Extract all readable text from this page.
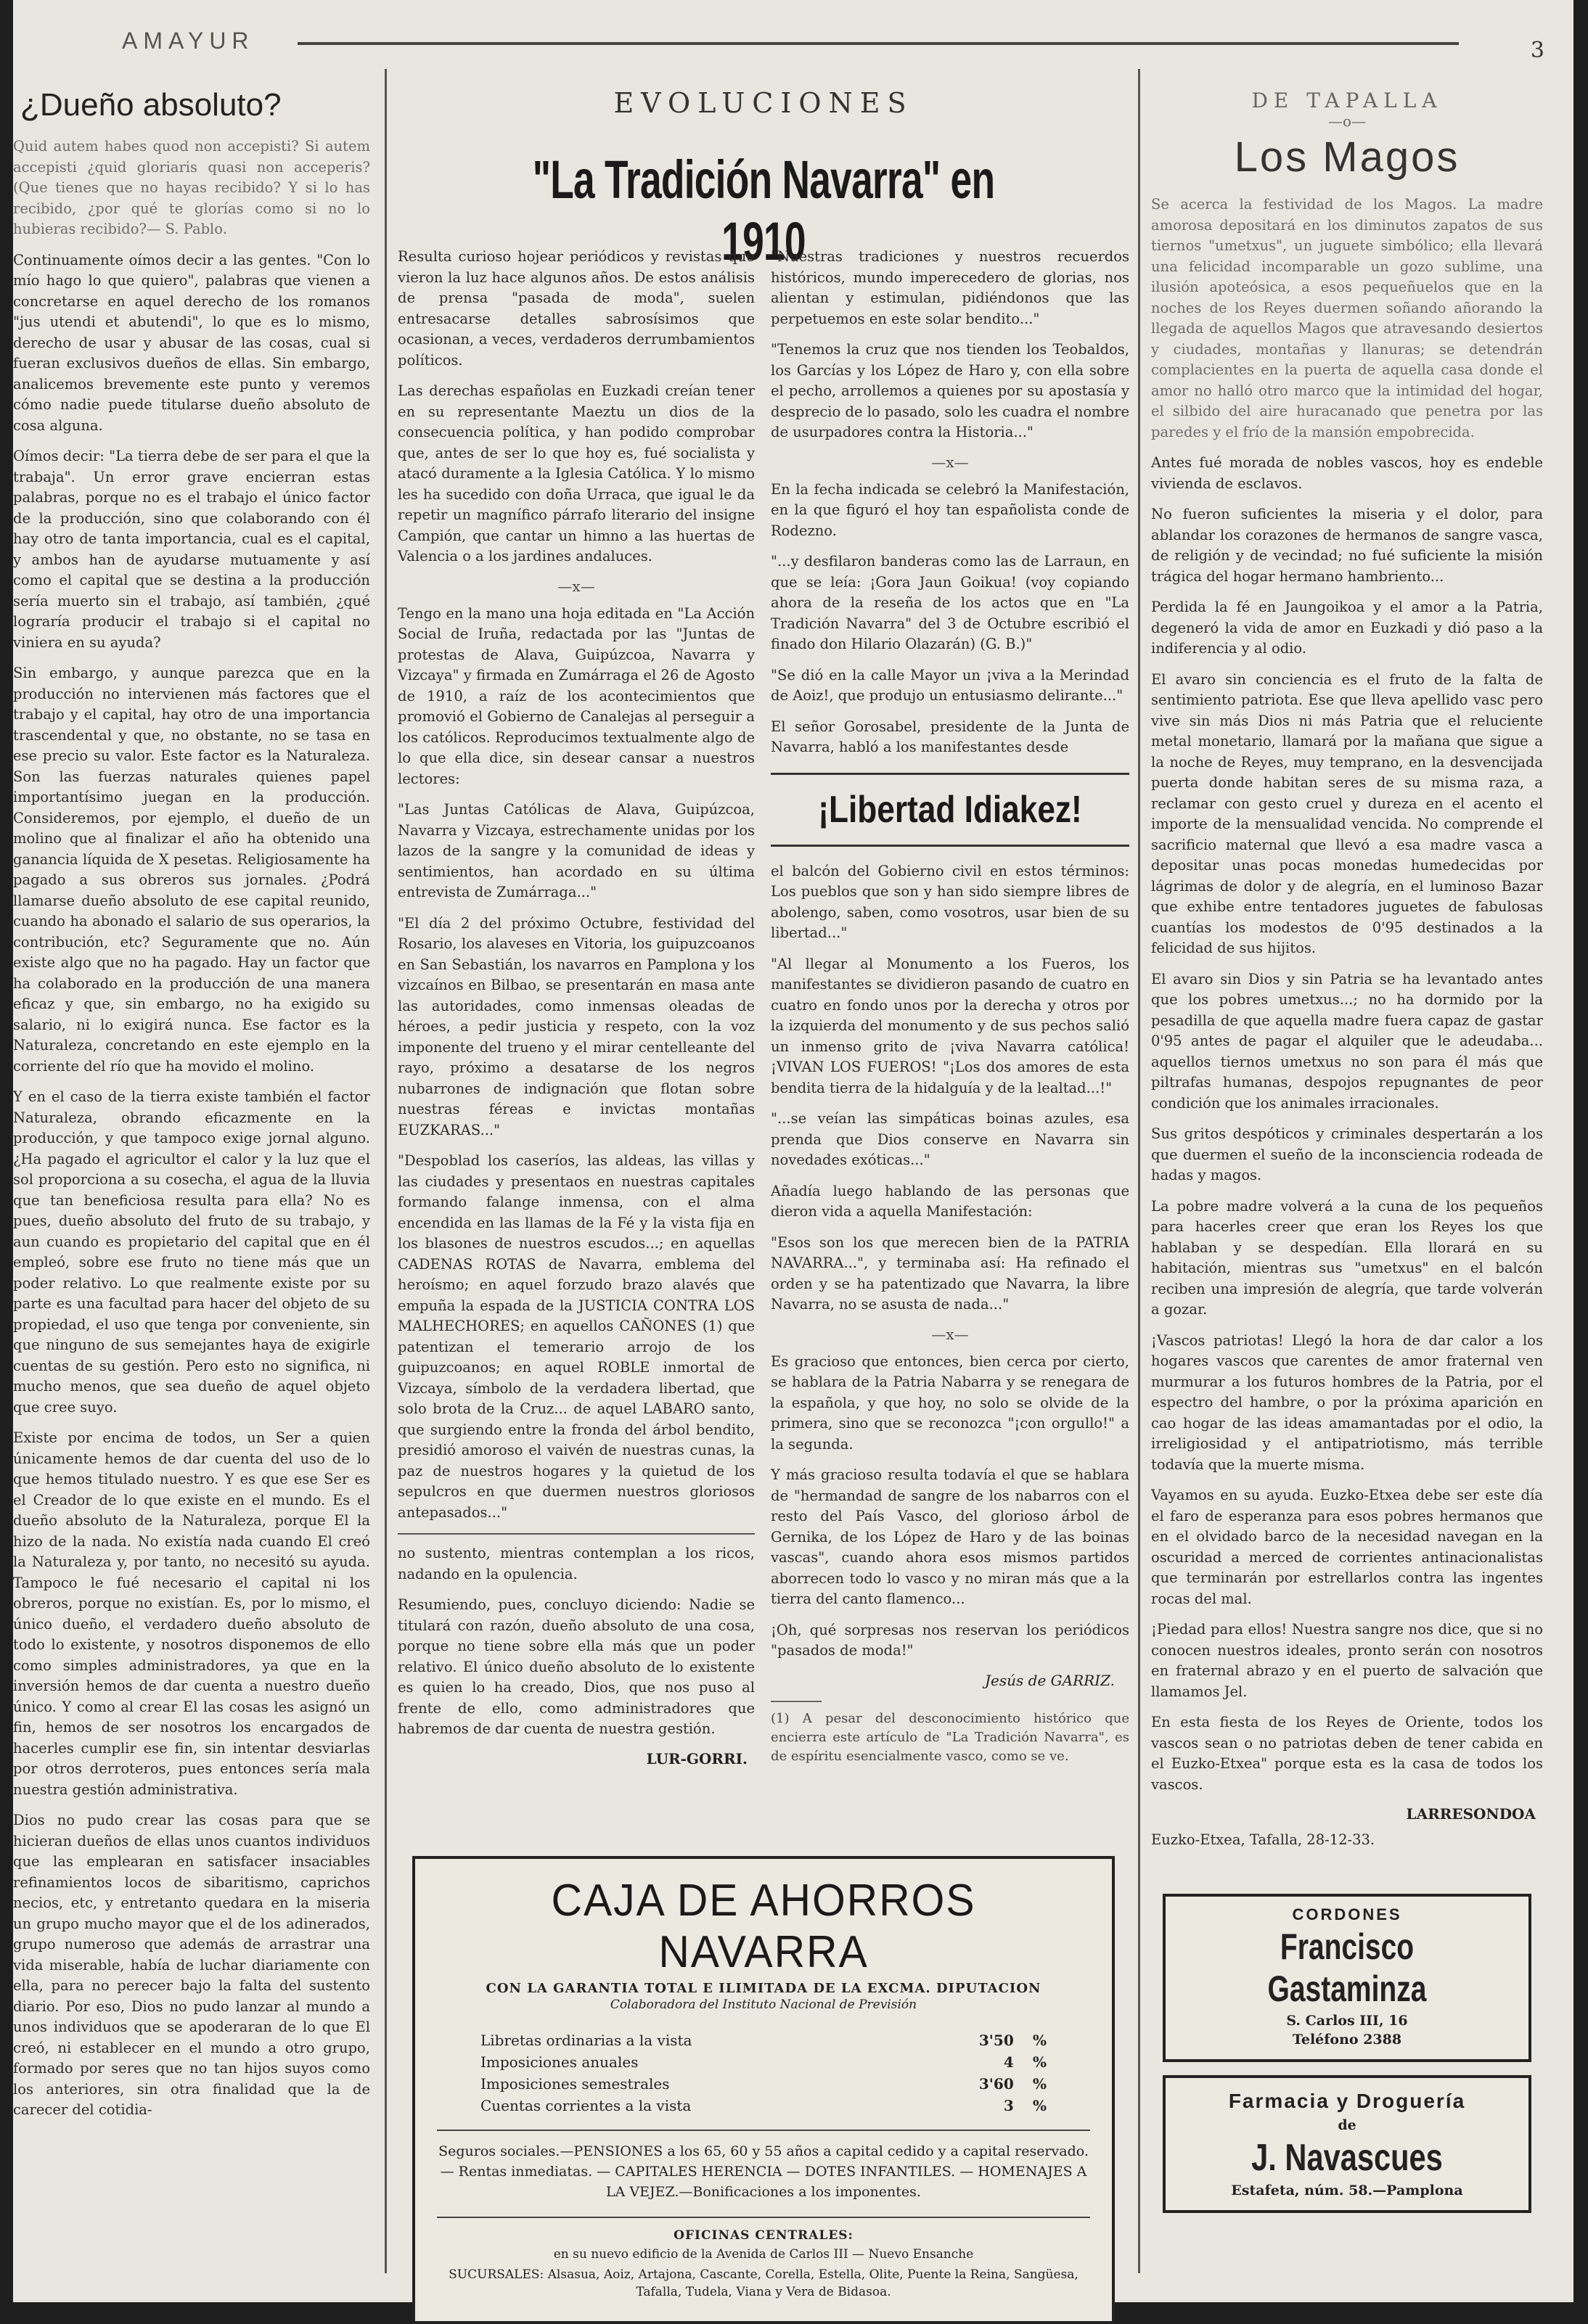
AMAYUR	3
¿Dueño absoluto?

Quid autem habes quod non accepisti? Si autem accepisti ¿quid gloriaris quasi non acceperis? (Que tienes que no hayas recibido? Y si lo has recibido, ¿por qué te glorías como si no lo hubieras recibido?— S. Pablo.

Continuamente oímos decir a las gentes. "Con lo mío hago lo que quiero", palabras que vienen a concretarse en aquel derecho de los romanos "jus utendi et abutendi", lo que es lo mismo, derecho de usar y abusar de las cosas, cual si fueran exclusivos dueños de ellas. Sin embargo, analicemos brevemente este punto y veremos cómo nadie puede titularse dueño absoluto de cosa alguna.

Oímos decir: "La tierra debe de ser para el que la trabaja". Un error grave encierran estas palabras, porque no es el trabajo el único factor de la producción, sino que colaborando con él hay otro de tanta importancia, cual es el capital, y ambos han de ayudarse mutuamente y así como el capital que se destina a la producción sería muerto sin el trabajo, así también, ¿qué lograría producir el trabajo si el capital no viniera en su ayuda?

Sin embargo, y aunque parezca que en la producción no intervienen más factores que el trabajo y el capital, hay otro de una importancia trascendental y que, no obstante, no se tasa en ese precio su valor. Este factor es la Naturaleza. Son las fuerzas naturales quienes papel importantísimo juegan en la producción. Consideremos, por ejemplo, el dueño de un molino que al finalizar el año ha obtenido una ganancia líquida de X pesetas. Religiosamente ha pagado a sus obreros sus jornales. ¿Podrá llamarse dueño absoluto de ese capital reunido, cuando ha abonado el salario de sus operarios, la contribución, etc? Seguramente que no. Aún existe algo que no ha pagado. Hay un factor que ha colaborado en la producción de una manera eficaz y que, sin embargo, no ha exigido su salario, ni lo exigirá nunca. Ese factor es la Naturaleza, concretando en este ejemplo en la corriente del río que ha movido el molino.

Y en el caso de la tierra existe también el factor Naturaleza, obrando eficazmente en la producción, y que tampoco exige jornal alguno. ¿Ha pagado el agricultor el calor y la luz que el sol proporciona a su cosecha, el agua de la lluvia que tan beneficiosa resulta para ella? No es pues, dueño absoluto del fruto de su trabajo, y aun cuando es propietario del capital que en él empleó, sobre ese fruto no tiene más que un poder relativo. Lo que realmente existe por su parte es una facultad para hacer del objeto de su propiedad, el uso que tenga por conveniente, sin que ninguno de sus semejantes haya de exigirle cuentas de su gestión. Pero esto no significa, ni mucho menos, que sea dueño de aquel objeto que cree suyo.

Existe por encima de todos, un Ser a quien únicamente hemos de dar cuenta del uso de lo que hemos titulado nuestro. Y es que ese Ser es el Creador de lo que existe en el mundo. Es el dueño absoluto de la Naturaleza, porque El la hizo de la nada. No existía nada cuando El creó la Naturaleza y, por tanto, no necesitó su ayuda. Tampoco le fué necesario el capital ni los obreros, porque no existían. Es, por lo mismo, el único dueño, el verdadero dueño absoluto de todo lo existente, y nosotros disponemos de ello como simples administradores, ya que en la inversión hemos de dar cuenta a nuestro dueño único. Y como al crear El las cosas les asignó un fin, hemos de ser nosotros los encargados de hacerles cumplir ese fin, sin intentar desviarlas por otros derroteros, pues entonces sería mala nuestra gestión administrativa.

Dios no pudo crear las cosas para que se hicieran dueños de ellas unos cuantos individuos que las emplearan en satisfacer insaciables refinamientos locos de sibaritismo, caprichos necios, etc, y entretanto quedara en la miseria un grupo mucho mayor que el de los adinerados, grupo numeroso que además de arrastrar una vida miserable, había de luchar diariamente con ella, para no perecer bajo la falta del sustento diario. Por eso, Dios no pudo lanzar al mundo a unos individuos que se apoderaran de lo que El creó, ni establecer en el mundo a otro grupo, formado por seres que no tan hijos suyos como los anteriores, sin otra finalidad que la de carecer del cotidia-

EVOLUCIONES
"La Tradición Navarra" en 1910

Resulta curioso hojear periódicos y revistas que vieron la luz hace algunos años. De estos análisis de prensa "pasada de moda", suelen entresacarse detalles sabrosísimos que ocasionan, a veces, verdaderos derrumbamientos políticos.

Las derechas españolas en Euzkadi creían tener en su representante Maeztu un dios de la consecuencia política, y han podido comprobar que, antes de ser lo que hoy es, fué socialista y atacó duramente a la Iglesia Católica. Y lo mismo les ha sucedido con doña Urraca, que igual le da repetir un magnífico párrafo literario del insigne Campión, que cantar un himno a las huertas de Valencia o a los jardines andaluces.

—x—

Tengo en la mano una hoja editada en "La Acción Social de Iruña, redactada por las "Juntas de protestas de Alava, Guipúzcoa, Navarra y Vizcaya" y firmada en Zumárraga el 26 de Agosto de 1910, a raíz de los acontecimientos que promovió el Gobierno de Canalejas al perseguir a los católicos. Reproducimos textualmente algo de lo que ella dice, sin desear cansar a nuestros lectores:

"Las Juntas Católicas de Alava, Guipúzcoa, Navarra y Vizcaya, estrechamente unidas por los lazos de la sangre y la comunidad de ideas y sentimientos, han acordado en su última entrevista de Zumárraga..."

"El día 2 del próximo Octubre, festividad del Rosario, los alaveses en Vitoria, los guipuzcoanos en San Sebastián, los navarros en Pamplona y los vizcaínos en Bilbao, se presentarán en masa ante las autoridades, como inmensas oleadas de héroes, a pedir justicia y respeto, con la voz imponente del trueno y el mirar centelleante del rayo, próximo a desatarse de los negros nubarrones de indignación que flotan sobre nuestras féreas e invictas montañas EUZKARAS..."

"Despoblad los caseríos, las aldeas, las villas y las ciudades y presentaos en nuestras capitales formando falange inmensa, con el alma encendida en las llamas de la Fé y la vista fija en los blasones de nuestros escudos...; en aquellas CADENAS ROTAS de Navarra, emblema del heroísmo; en aquel forzudo brazo alavés que empuña la espada de la JUSTICIA CONTRA LOS MALHECHORES; en aquellos CAÑONES (1) que patentizan el temerario arrojo de los guipuzcoanos; en aquel ROBLE inmortal de Vizcaya, símbolo de la verdadera libertad, que solo brota de la Cruz... de aquel LABARO santo, que surgiendo entre la fronda del árbol bendito, presidió amoroso el vaivén de nuestras cunas, la paz de nuestros hogares y la quietud de los sepulcros en que duermen nuestros gloriosos antepasados..."

no sustento, mientras contemplan a los ricos, nadando en la opulencia.

Resumiendo, pues, concluyo diciendo: Nadie se titulará con razón, dueño absoluto de una cosa, porque no tiene sobre ella más que un poder relativo. El único dueño absoluto de lo existente es quien lo ha creado, Dios, que nos puso al frente de ello, como administradores que habremos de dar cuenta de nuestra gestión.

LUR-GORRI.

"Nuestras tradiciones y nuestros recuerdos históricos, mundo imperecedero de glorias, nos alientan y estimulan, pidiéndonos que las perpetuemos en este solar bendito..."

"Tenemos la cruz que nos tienden los Teobaldos, los Garcías y los López de Haro y, con ella sobre el pecho, arrollemos a quienes por su apostasía y desprecio de lo pasado, solo les cuadra el nombre de usurpadores contra la Historia..."

—x—

En la fecha indicada se celebró la Manifestación, en la que figuró el hoy tan españolista conde de Rodezno.

"...y desfilaron banderas como las de Larraun, en que se leía: ¡Gora Jaun Goikua! (voy copiando ahora de la reseña de los actos que en "La Tradición Navarra" del 3 de Octubre escribió el finado don Hilario Olazarán) (G. B.)"

"Se dió en la calle Mayor un ¡viva a la Merindad de Aoiz!, que produjo un entusiasmo delirante..."

El señor Gorosabel, presidente de la Junta de Navarra, habló a los manifestantes desde

¡Libertad Idiakez!

el balcón del Gobierno civil en estos términos: Los pueblos que son y han sido siempre libres de abolengo, saben, como vosotros, usar bien de su libertad..."

"Al llegar al Monumento a los Fueros, los manifestantes se dividieron pasando de cuatro en cuatro en fondo unos por la derecha y otros por la izquierda del monumento y de sus pechos salió un inmenso grito de ¡viva Navarra católica! ¡VIVAN LOS FUEROS! "¡Los dos amores de esta bendita tierra de la hidalguía y de la lealtad...!"

"...se veían las simpáticas boinas azules, esa prenda que Dios conserve en Navarra sin novedades exóticas..."

Añadía luego hablando de las personas que dieron vida a aquella Manifestación:

"Esos son los que merecen bien de la PATRIA NAVARRA...", y terminaba así: Ha refinado el orden y se ha patentizado que Navarra, la libre Navarra, no se asusta de nada..."

—x—

Es gracioso que entonces, bien cerca por cierto, se hablara de la Patria Nabarra y se renegara de la española, y que hoy, no solo se olvide de la primera, sino que se reconozca "¡con orgullo!" a la segunda.

Y más gracioso resulta todavía el que se hablara de "hermandad de sangre de los nabarros con el resto del País Vasco, del glorioso árbol de Gernika, de los López de Haro y de las boinas vascas", cuando ahora esos mismos partidos aborrecen todo lo vasco y no miran más que a la tierra del canto flamenco...

¡Oh, qué sorpresas nos reservan los periódicos "pasados de moda!"

Jesús de GARRIZ.

(1) A pesar del desconocimiento histórico que encierra este artículo de "La Tradición Navarra", es de espíritu esencialmente vasco, como se ve.

CAJA DE AHORROS NAVARRA

CON LA GARANTIA TOTAL E ILIMITADA DE LA EXCMA. DIPUTACION

Colaboradora del Instituto Nacional de Previsión

Libretas ordinarias a la vista	3'50	%
Imposiciones anuales	4	%
Imposiciones semestrales	3'60	%
Cuentas corrientes a la vista	3	%

Seguros sociales.—PENSIONES a los 65, 60 y 55 años a capital cedido y a capital reservado. — Rentas inmediatas. — CAPITALES HERENCIA — DOTES INFANTILES. — HOMENAJES A LA VEJEZ.—Bonificaciones a los imponentes.

OFICINAS CENTRALES:

en su nuevo edificio de la Avenida de Carlos III — Nuevo Ensanche

SUCURSALES: Alsasua, Aoiz, Artajona, Cascante, Corella, Estella, Olite, Puente la Reina, Sangüesa, Tafalla, Tudela, Viana y Vera de Bidasoa.

DE TAPALLA
—o—
Los Magos

Se acerca la festividad de los Magos. La madre amorosa depositará en los diminutos zapatos de sus tiernos "umetxus", un juguete simbólico; ella llevará una felicidad incomparable un gozo sublime, una ilusión apoteósica, a esos pequeñuelos que en la noches de los Reyes duermen soñando añorando la llegada de aquellos Magos que atravesando desiertos y ciudades, montañas y llanuras; se detendrán complacientes en la puerta de aquella casa donde el amor no halló otro marco que la intimidad del hogar, el silbido del aire huracanado que penetra por las paredes y el frío de la mansión empobrecida.

Antes fué morada de nobles vascos, hoy es endeble vivienda de esclavos.

No fueron suficientes la miseria y el dolor, para ablandar los corazones de hermanos de sangre vasca, de religión y de vecindad; no fué suficiente la misión trágica del hogar hermano hambriento...

Perdida la fé en Jaungoikoa y el amor a la Patria, degeneró la vida de amor en Euzkadi y dió paso a la indiferencia y al odio.

El avaro sin conciencia es el fruto de la falta de sentimiento patriota. Ese que lleva apellido vasc pero vive sin más Dios ni más Patria que el reluciente metal monetario, llamará por la mañana que sigue a la noche de Reyes, muy temprano, en la desvencijada puerta donde habitan seres de su misma raza, a reclamar con gesto cruel y dureza en el acento el importe de la mensualidad vencida. No comprende el sacrificio maternal que llevó a esa madre vasca a depositar unas pocas monedas humedecidas por lágrimas de dolor y de alegría, en el luminoso Bazar que exhibe entre tentadores juguetes de fabulosas cuantías los modestos de 0'95 destinados a la felicidad de sus hijitos.

El avaro sin Dios y sin Patria se ha levantado antes que los pobres umetxus...; no ha dormido por la pesadilla de que aquella madre fuera capaz de gastar 0'95 antes de pagar el alquiler que le adeudaba... aquellos tiernos umetxus no son para él más que piltrafas humanas, despojos repugnantes de peor condición que los animales irracionales.

Sus gritos despóticos y criminales despertarán a los que duermen el sueño de la inconsciencia rodeada de hadas y magos.

La pobre madre volverá a la cuna de los pequeños para hacerles creer que eran los Reyes los que hablaban y se despedían. Ella llorará en su habitación, mientras sus "umetxus" en el balcón reciben una impresión de alegría, que tarde volverán a gozar.

¡Vascos patriotas! Llegó la hora de dar calor a los hogares vascos que carentes de amor fraternal ven murmurar a los futuros hombres de la Patria, por el espectro del hambre, o por la próxima aparición en cao hogar de las ideas amamantadas por el odio, la irreligiosidad y el antipatriotismo, más terrible todavía que la muerte misma.

Vayamos en su ayuda. Euzko-Etxea debe ser este día el faro de esperanza para esos pobres hermanos que en el olvidado barco de la necesidad navegan en la oscuridad a merced de corrientes antinacionalistas que terminarán por estrellarlos contra las ingentes rocas del mal.

¡Piedad para ellos! Nuestra sangre nos dice, que si no conocen nuestros ideales, pronto serán con nosotros en fraternal abrazo y en el puerto de salvación que llamamos Jel.

En esta fiesta de los Reyes de Oriente, todos los vascos sean o no patriotas deben de tener cabida en el Euzko-Etxea" porque esta es la casa de todos los vascos.

LARRESONDOA

Euzko-Etxea, Tafalla, 28-12-33.

CORDONES
Francisco Gastaminza
S. Carlos III, 16
Teléfono 2388
Farmacia y Droguería
de
J. Navascues
Estafeta, núm. 58.—Pamplona
